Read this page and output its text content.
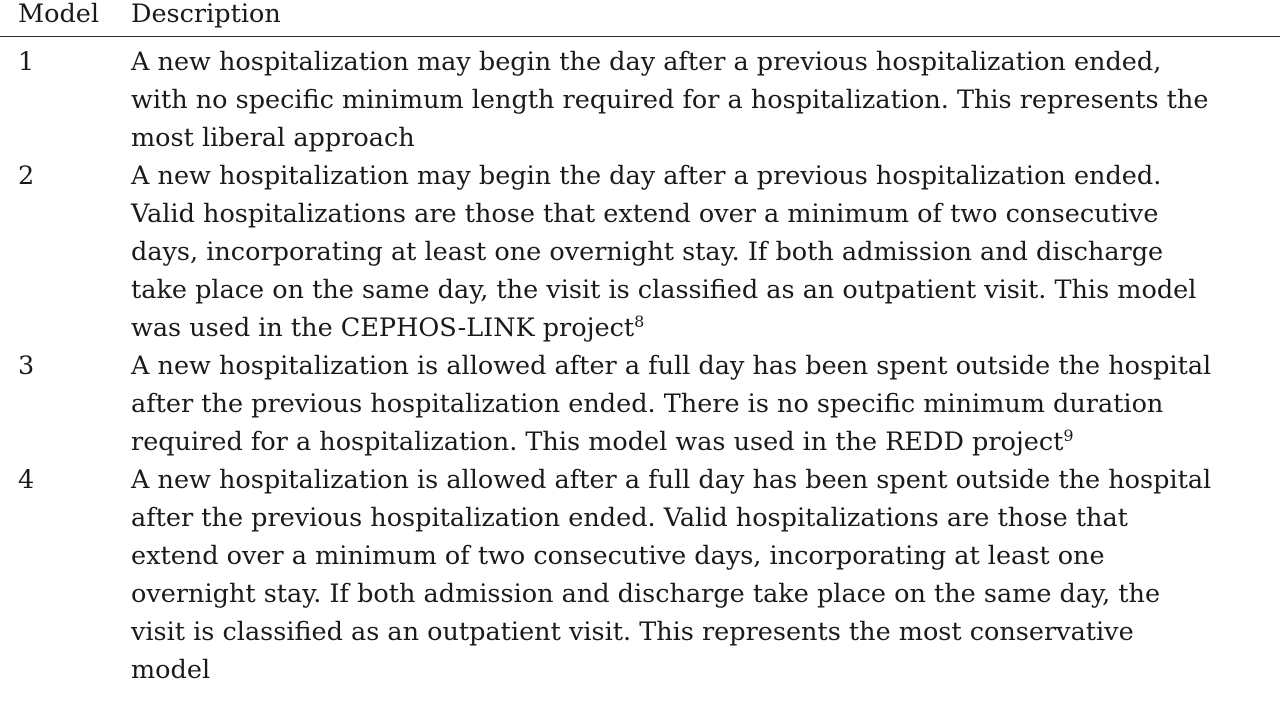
Model Description
1	A new hospitalization may begin the day after a previous hospitalization ended,
with no specific minimum length required for a hospitalization. This represents the
most liberal approach
2	A new hospitalization may begin the day after a previous hospitalization ended.
Valid hospitalizations are those that extend over a minimum of two consecutive
days, incorporating at least one overnight stay. If both admission and discharge
take place on the same day, the visit is classified as an outpatient visit. This model
was used in the CEPHOS-LINK project$^8$
3	A new hospitalization is allowed after a full day has been spent outside the hospital
after the previous hospitalization ended. There is no specific minimum duration
required for a hospitalization. This model was used in the REDD project$^9$
4	A new hospitalization is allowed after a full day has been spent outside the hospital
after the previous hospitalization ended. Valid hospitalizations are those that
extend over a minimum of two consecutive days, incorporating at least one
overnight stay. If both admission and discharge take place on the same day, the
visit is classified as an outpatient visit. This represents the most conservative
model
